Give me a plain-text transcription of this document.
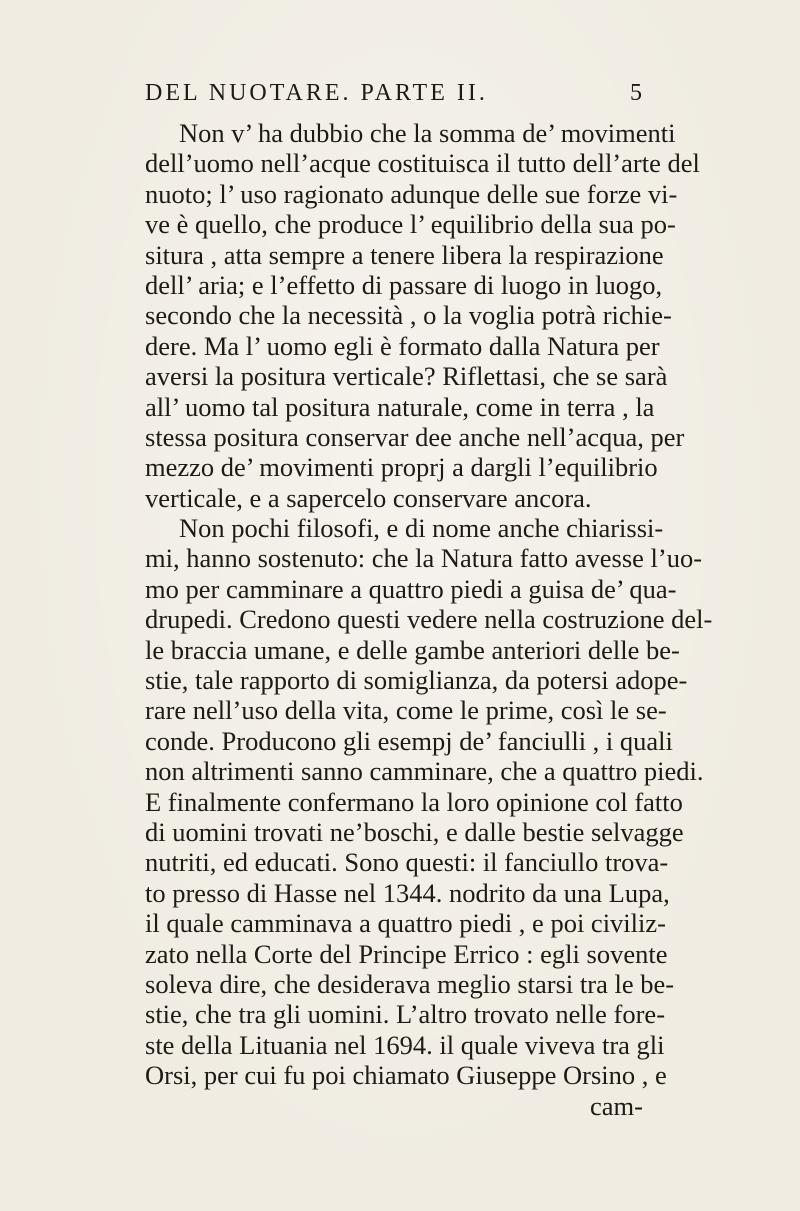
DEL NUOTARE. PARTE II.	5
Non v’ ha dubbio che la somma de’ movimenti
dell’uomo nell’acque costituisca il tutto dell’arte del
nuoto; l’ uso ragionato adunque delle sue forze vi-
ve è quello, che produce l’ equilibrio della sua po-
situra , atta sempre a tenere libera la respirazione
dell’ aria; e l’effetto di passare di luogo in luogo,
secondo che la necessità , o la voglia potrà richie-
dere. Ma l’ uomo egli è formato dalla Natura per
aversi la positura verticale? Riflettasi, che se sarà
all’ uomo tal positura naturale, come in terra , la
stessa positura conservar dee anche nell’acqua, per
mezzo de’ movimenti proprj a dargli l’equilibrio
verticale, e a sapercelo conservare ancora.
Non pochi filosofi, e di nome anche chiarissi-
mi, hanno sostenuto: che la Natura fatto avesse l’uo-
mo per camminare a quattro piedi a guisa de’ qua-
drupedi. Credono questi vedere nella costruzione del-
le braccia umane, e delle gambe anteriori delle be-
stie, tale rapporto di somiglianza, da potersi adope-
rare nell’uso della vita, come le prime, così le se-
conde. Producono gli esempj de’ fanciulli , i quali
non altrimenti sanno camminare, che a quattro piedi.
E finalmente confermano la loro opinione col fatto
di uomini trovati ne’boschi, e dalle bestie selvagge
nutriti, ed educati. Sono questi: il fanciullo trova-
to presso di Hasse nel 1344. nodrito da una Lupa,
il quale camminava a quattro piedi , e poi civiliz-
zato nella Corte del Principe Errico : egli sovente
soleva dire, che desiderava meglio starsi tra le be-
stie, che tra gli uomini. L’altro trovato nelle fore-
ste della Lituania nel 1694. il quale viveva tra gli
Orsi, per cui fu poi chiamato Giuseppe Orsino , e
cam-
